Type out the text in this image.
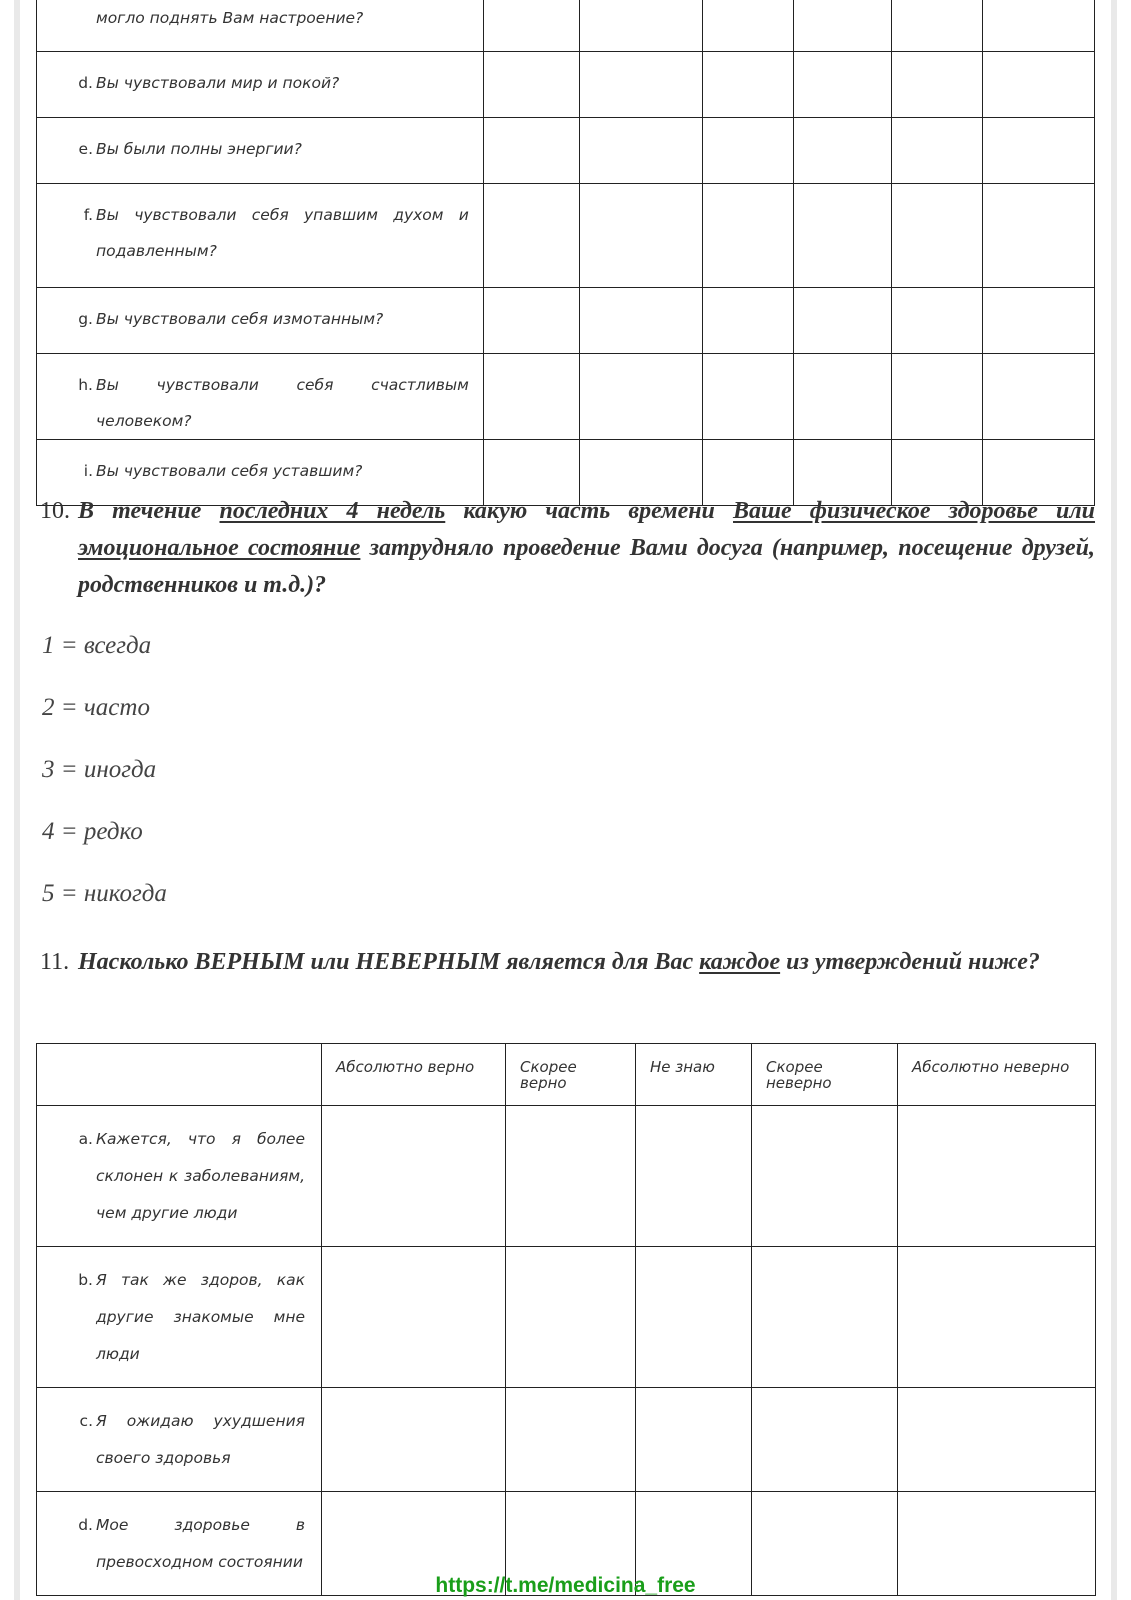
могло поднять Вам настроение?						

d. Вы чувствовали мир и покой?						

e. Вы были полны энергии?						

f. Вы чувствовали себя упавшим духом и подавленным?						

g. Вы чувствовали себя измотанным?						

h. Вы чувствовали себя счастливым человеком?						

i. Вы чувствовали себя уставшим?						

10. В течение последних 4 недель какую часть времени Ваше физическое здоровье или эмоциональное состояние затрудняло проведение Вами досуга (например, посещение друзей, родственников и т.д.)?
1 = всегда
2 = часто
3 = иногда
4 = редко
5 = никогда
11. Насколько ВЕРНЫМ или НЕВЕРНЫМ является для Вас каждое из утверждений ниже?
	Абсолютно верно	Скорее верно	Не знаю	Скорее неверно	Абсолютно неверно

a. Кажется, что я более склонен к заболеваниям, чем другие люди					

b. Я так же здоров, как другие знакомые мне люди					

c. Я ожидаю ухудшения своего здоровья					

d. Мое здоровье в превосходном состоянии					

https://t.me/medicina_free
